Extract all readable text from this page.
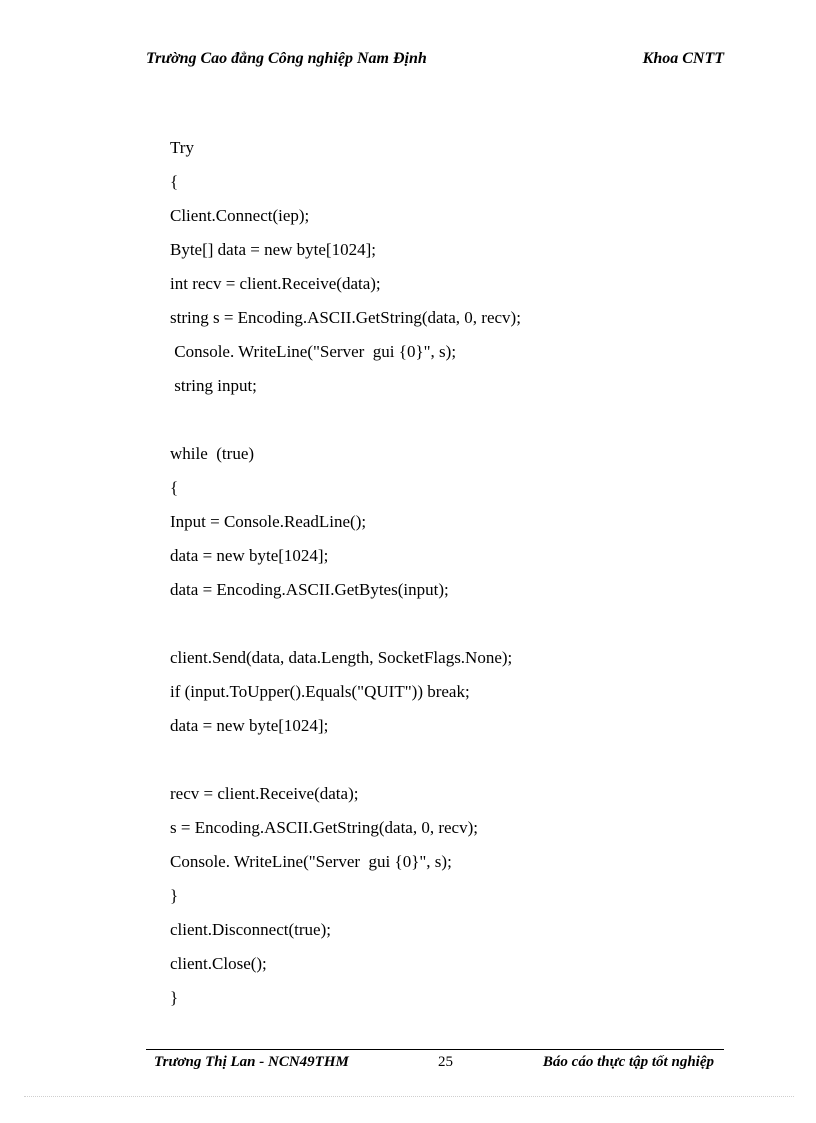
Trường Cao đẳng Công nghiệp Nam Định	Khoa CNTT
Try
{
Client.Connect(iep);
Byte[] data = new byte[1024];
int recv = client.Receive(data);
string s = Encoding.ASCII.GetString(data, 0, recv);
Console. WriteLine("Server  gui {0}", s);
string input;
while  (true)
{
Input = Console.ReadLine();
data = new byte[1024];
data = Encoding.ASCII.GetBytes(input);
client.Send(data, data.Length, SocketFlags.None);
if (input.ToUpper().Equals("QUIT")) break;
data = new byte[1024];
recv = client.Receive(data);
s = Encoding.ASCII.GetString(data, 0, recv);
Console. WriteLine("Server  gui {0}", s);
}
client.Disconnect(true);
client.Close();
}
Trương Thị Lan - NCN49THM	25	Báo cáo thực tập tốt nghiệp
